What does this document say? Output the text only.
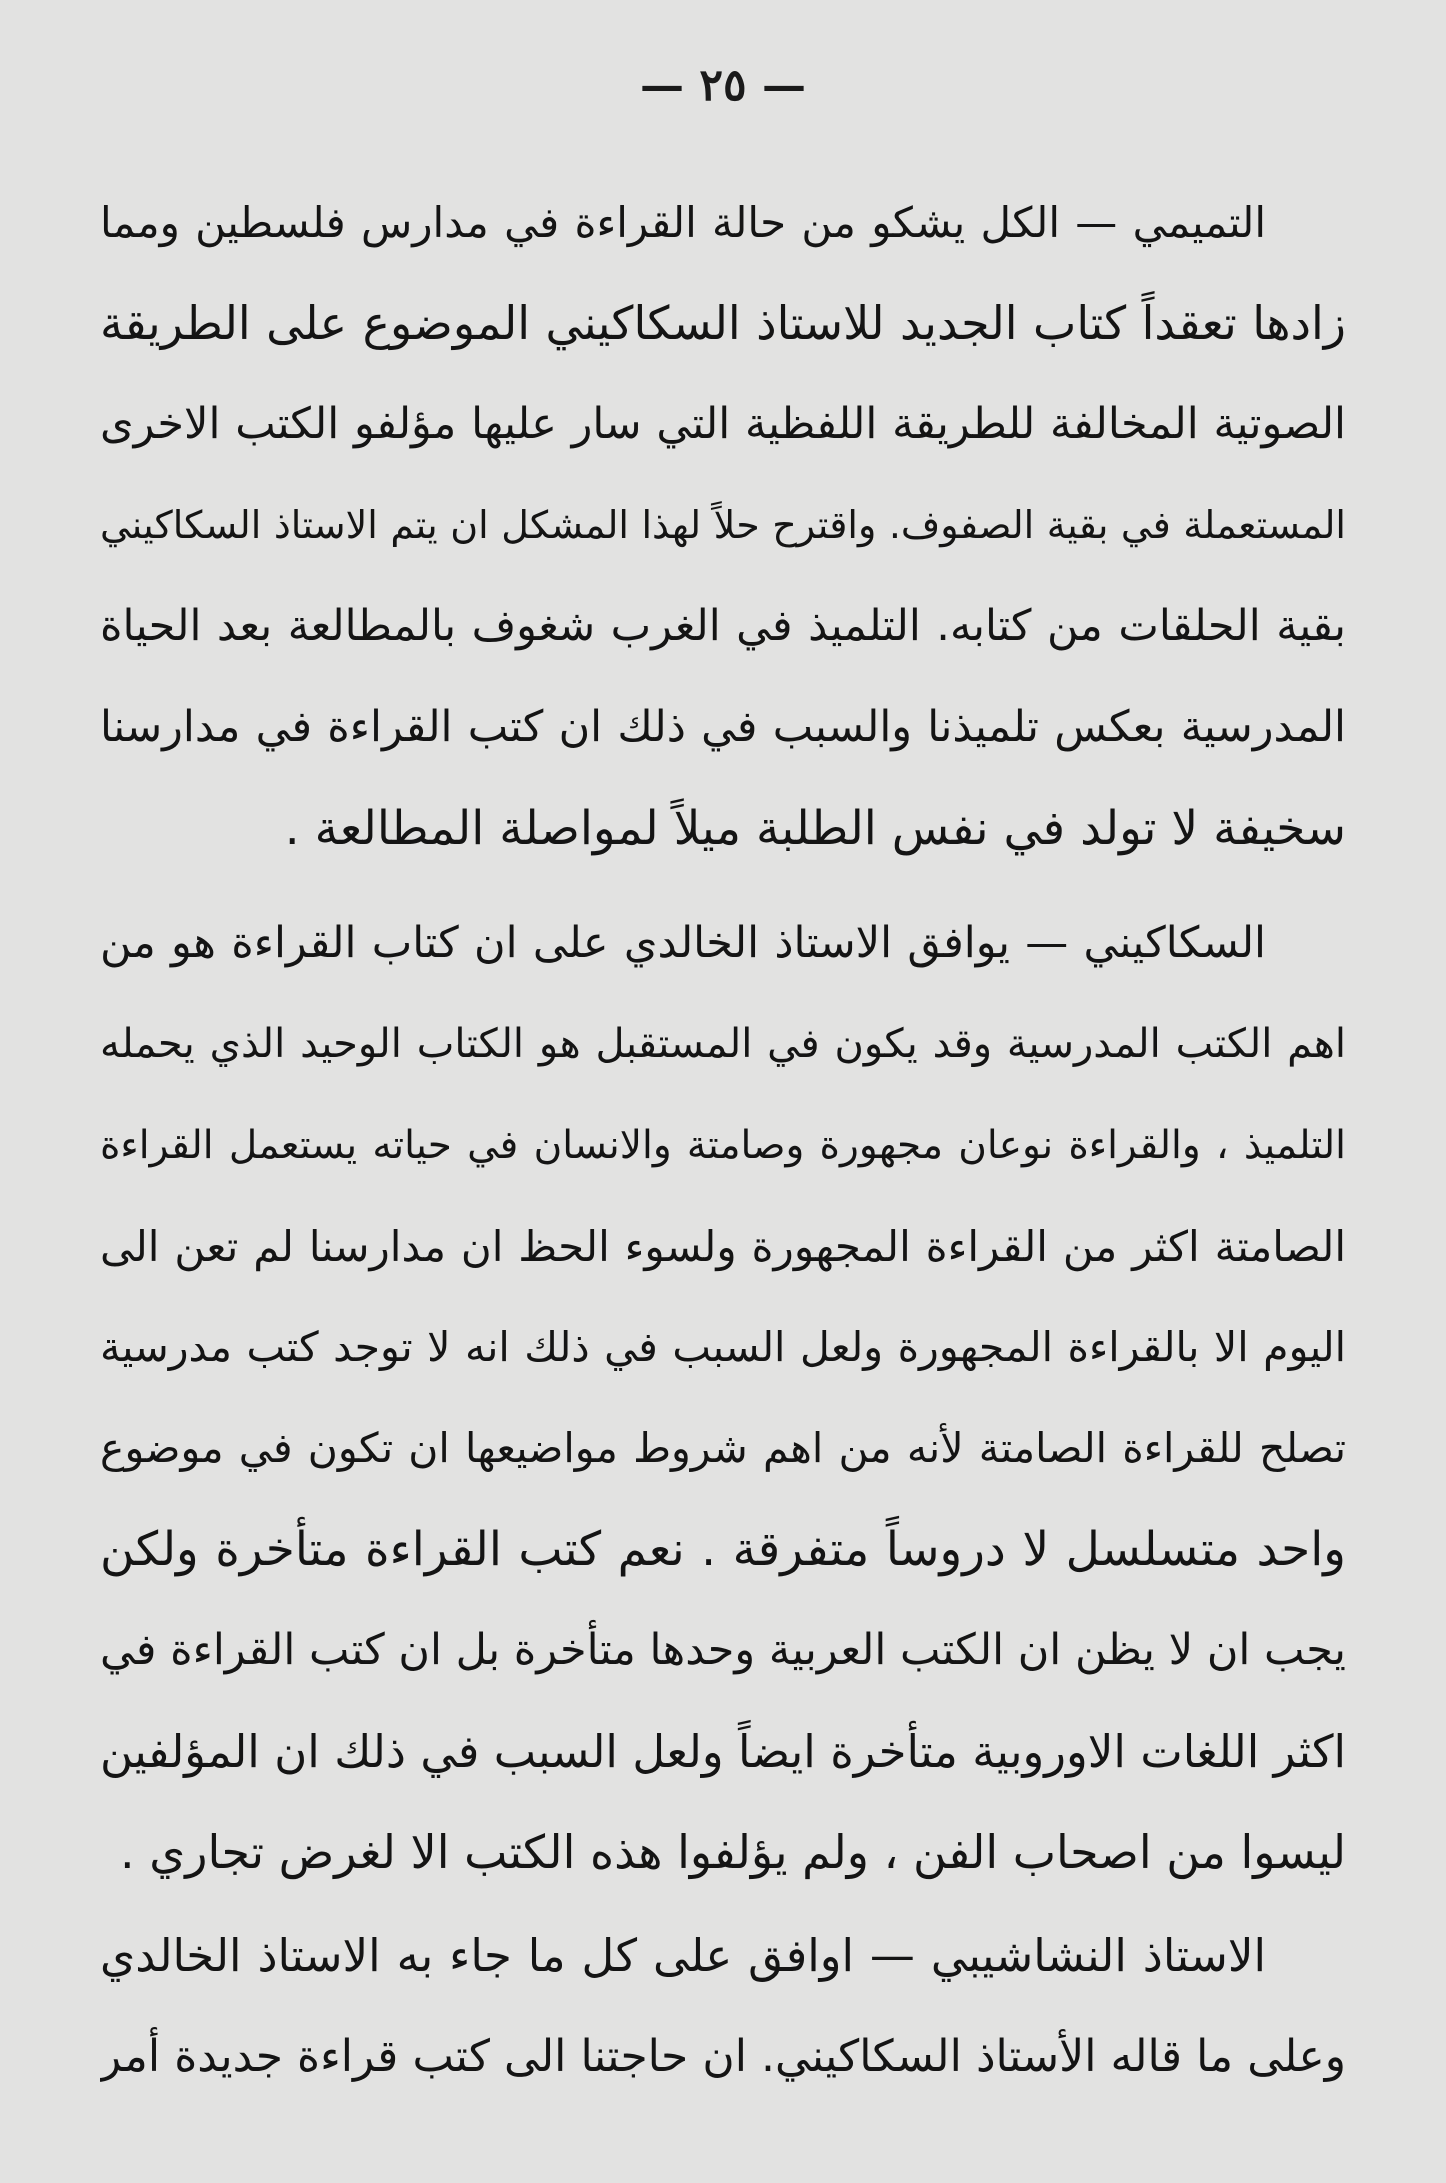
— ٢٥ —
التميمي — الكل يشكو من حالة القراءة في مدارس فلسطين ومما
زادها تعقداً كتاب الجديد للاستاذ السكاكيني الموضوع على الطريقة
الصوتية المخالفة للطريقة اللفظية التي سار عليها مؤلفو الكتب الاخرى
المستعملة في بقية الصفوف. واقترح حلاً لهذا المشكل ان يتم الاستاذ السكاكيني
بقية الحلقات من كتابه. التلميذ في الغرب شغوف بالمطالعة بعد الحياة
المدرسية بعكس تلميذنا والسبب في ذلك ان كتب القراءة في مدارسنا
سخيفة لا تولد في نفس الطلبة ميلاً لمواصلة المطالعة .
السكاكيني — يوافق الاستاذ الخالدي على ان كتاب القراءة هو من
اهم الكتب المدرسية وقد يكون في المستقبل هو الكتاب الوحيد الذي يحمله
التلميذ ، والقراءة نوعان مجهورة وصامتة والانسان في حياته يستعمل القراءة
الصامتة اكثر من القراءة المجهورة ولسوء الحظ ان مدارسنا لم تعن الى
اليوم الا بالقراءة المجهورة ولعل السبب في ذلك انه لا توجد كتب مدرسية
تصلح للقراءة الصامتة لأنه من اهم شروط مواضيعها ان تكون في موضوع
واحد متسلسل لا دروساً متفرقة . نعم كتب القراءة متأخرة ولكن
يجب ان لا يظن ان الكتب العربية وحدها متأخرة بل ان كتب القراءة في
اكثر اللغات الاوروبية متأخرة ايضاً ولعل السبب في ذلك ان المؤلفين
ليسوا من اصحاب الفن ، ولم يؤلفوا هذه الكتب الا لغرض تجاري .
الاستاذ النشاشيبي — اوافق على كل ما جاء به الاستاذ الخالدي
وعلى ما قاله الأستاذ السكاكيني. ان حاجتنا الى كتب قراءة جديدة أمر
